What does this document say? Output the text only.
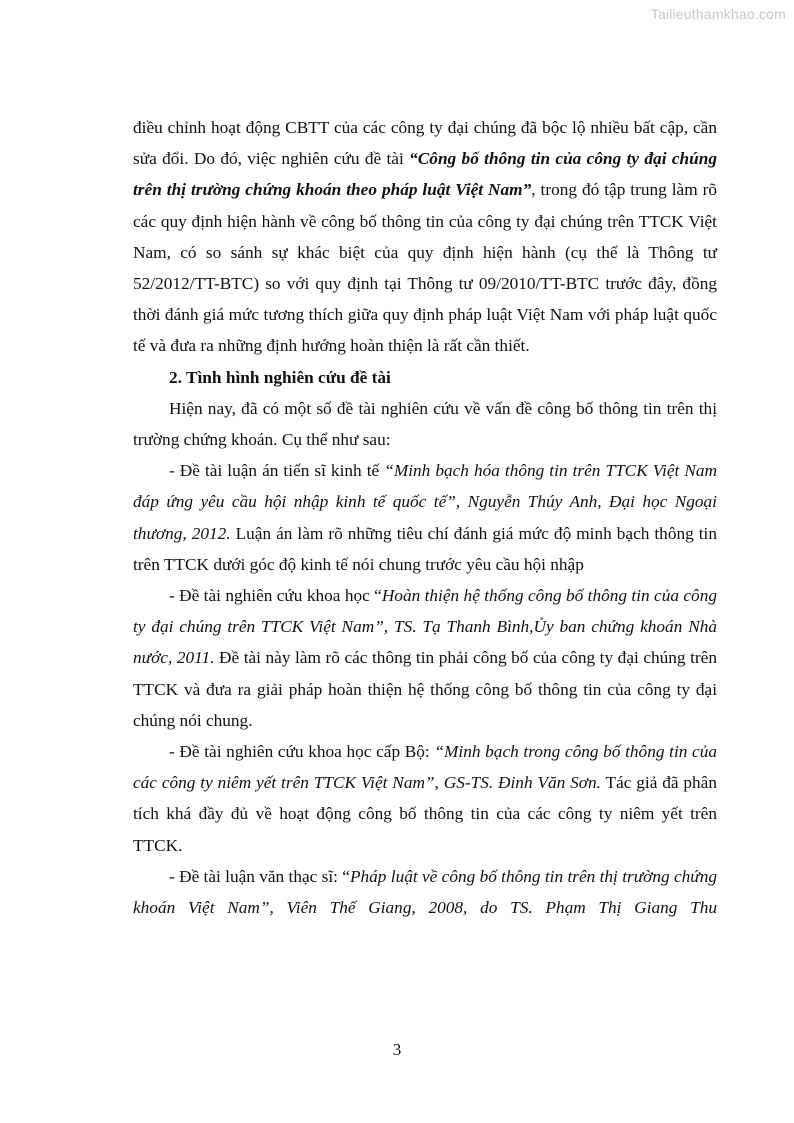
Tailieuthamkhao.com

điều chỉnh hoạt động CBTT của các công ty đại chúng đã bộc lộ nhiều bất cập, cần sửa đổi. Do đó, việc nghiên cứu đề tài “Công bố thông tin của công ty đại chúng trên thị trường chứng khoán theo pháp luật Việt Nam”, trong đó tập trung làm rõ các quy định hiện hành về công bố thông tin của công ty đại chúng trên TTCK Việt Nam, có so sánh sự khác biệt của quy định hiện hành (cụ thể là Thông tư 52/2012/TT-BTC) so với quy định tại Thông tư 09/2010/TT-BTC trước đây, đồng thời đánh giá mức tương thích giữa quy định pháp luật Việt Nam với pháp luật quốc tế và đưa ra những định hướng hoàn thiện là rất cần thiết.

2. Tình hình nghiên cứu đề tài

Hiện nay, đã có một số đề tài nghiên cứu về vấn đề công bố thông tin trên thị trường chứng khoán. Cụ thể như sau:

- Đề tài luận án tiến sĩ kinh tế “Minh bạch hóa thông tin trên TTCK Việt Nam đáp ứng yêu cầu hội nhập kinh tế quốc tế”, Nguyễn Thúy Anh, Đại học Ngoại thương, 2012. Luận án làm rõ những tiêu chí đánh giá mức độ minh bạch thông tin trên TTCK dưới góc độ kinh tế nói chung trước yêu cầu hội nhập

- Đề tài nghiên cứu khoa học “Hoàn thiện hệ thống công bố thông tin của công ty đại chúng trên TTCK Việt Nam”, TS. Tạ Thanh Bình,Ủy ban chứng khoán Nhà nước, 2011. Đề tài này làm rõ các thông tin phải công bố của công ty đại chúng trên TTCK và đưa ra giải pháp hoàn thiện hệ thống công bố thông tin của công ty đại chúng nói chung.

- Đề tài nghiên cứu khoa học cấp Bộ: “Minh bạch trong công bố thông tin của các công ty niêm yết trên TTCK Việt Nam”, GS-TS. Đinh Văn Sơn. Tác giả đã phân tích khá đầy đủ về hoạt động công bố thông tin của các công ty niêm yết trên TTCK.

- Đề tài luận văn thạc sĩ: “Pháp luật về công bố thông tin trên thị trường chứng khoán Việt Nam”, Viên Thế Giang, 2008, do TS. Phạm Thị Giang Thu

3
